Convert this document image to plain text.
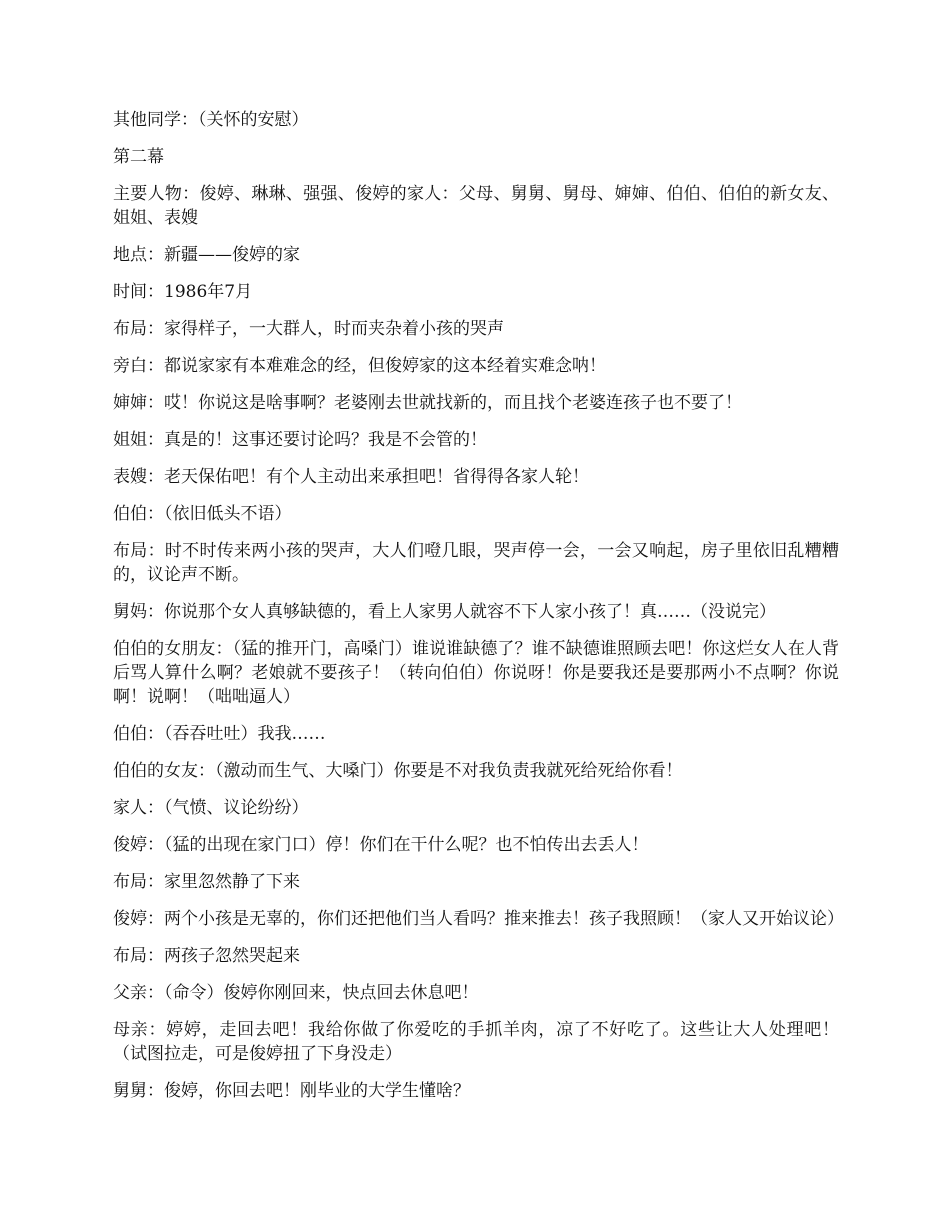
其他同学：（关怀的安慰）

第二幕

主要人物：俊婷、琳琳、强强、俊婷的家人：父母、舅舅、舅母、婶婶、伯伯、伯伯的新女友、姐姐、表嫂

地点：新疆——俊婷的家

时间：1986年7月

布局：家得样子，一大群人，时而夹杂着小孩的哭声

旁白：都说家家有本难难念的经，但俊婷家的这本经着实难念呐！

婶婶：哎！你说这是啥事啊？老婆刚去世就找新的，而且找个老婆连孩子也不要了！

姐姐：真是的！这事还要讨论吗？我是不会管的！

表嫂：老天保佑吧！有个人主动出来承担吧！省得得各家人轮！

伯伯：（依旧低头不语）

布局：时不时传来两小孩的哭声，大人们噔几眼，哭声停一会，一会又响起，房子里依旧乱糟糟的，议论声不断。

舅妈：你说那个女人真够缺德的，看上人家男人就容不下人家小孩了！真……（没说完）

伯伯的女朋友：（猛的推开门，高嗓门）谁说谁缺德了？谁不缺德谁照顾去吧！你这烂女人在人背后骂人算什么啊？老娘就不要孩子！（转向伯伯）你说呀！你是要我还是要那两小不点啊？你说啊！说啊！（咄咄逼人）

伯伯：（吞吞吐吐）我我……

伯伯的女友：（激动而生气、大嗓门）你要是不对我负责我就死给死给你看！

家人：（气愤、议论纷纷）

俊婷：（猛的出现在家门口）停！你们在干什么呢？也不怕传出去丢人！

布局：家里忽然静了下来

俊婷：两个小孩是无辜的，你们还把他们当人看吗？推来推去！孩子我照顾！（家人又开始议论）

布局：两孩子忽然哭起来

父亲：（命令）俊婷你刚回来，快点回去休息吧！

母亲：婷婷，走回去吧！我给你做了你爱吃的手抓羊肉，凉了不好吃了。这些让大人处理吧！（试图拉走，可是俊婷扭了下身没走）

舅舅：俊婷，你回去吧！刚毕业的大学生懂啥？
